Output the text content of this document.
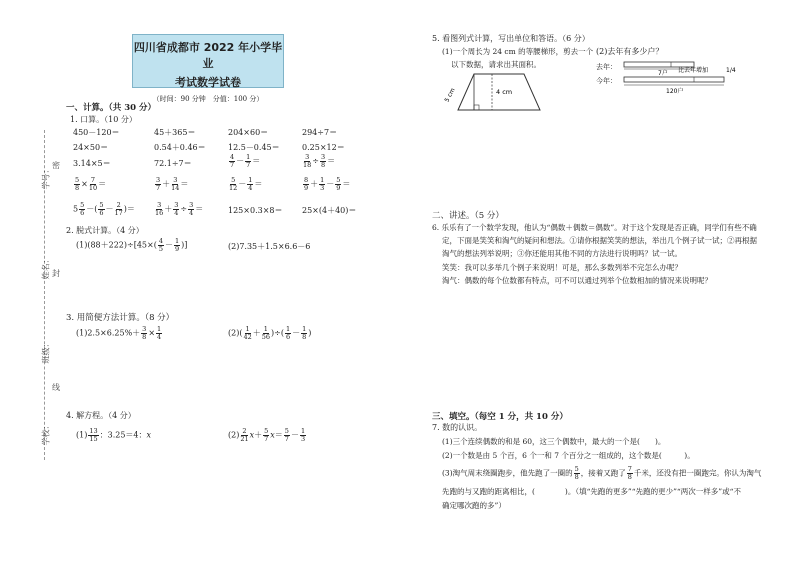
四川省成都市 2022 年小学毕业
考试数学试卷
（时间：90 分钟　分值：100 分）
学号：
姓名：
班级：
学校：
密
封
线
一、计算。（共 30 分）
1. 口算。（10 分）
450－120＝	45＋365＝	204×60＝	294÷7＝
24×50＝	0.54＋0.46＝	12.5－0.45＝	0.25×12＝
3.14×5＝	72.1÷7＝	$\frac{4}{7} - \frac{1}{7}$ ＝	$\frac{3}{18} \div \frac{3}{8}$ ＝
$\frac{5}{8} \times \frac{7}{10}$ ＝	$\frac{3}{7} + \frac{3}{14}$ ＝	$\frac{5}{12} - \frac{1}{4}$ ＝	$\frac{8}{9} + \frac{1}{3} - \frac{5}{9}$ ＝
$5 \frac{5}{6}$ －( $\frac{5}{6} - \frac{2}{17}$ )＝	$\frac{3}{16} + \frac{3}{4} \div \frac{3}{4}$ ＝	125×0.3×8＝ 25×(4＋40)＝
2. 脱式计算。（4 分）
$(1)(88+222)\div[45\times( \frac{4}{5} - \frac{1}{9}$ )]	(2)7.35＋1.5×6.6－6
3. 用简便方法计算。（8 分）
$(1)2.5\times 6.25\%+ \frac{3}{8} \times \frac{1}{4}$	$(2)( \frac{1}{42} + \frac{1}{56}$ )÷( $\frac{1}{6} - \frac{1}{8}$ )
4. 解方程。（4 分）
$(1) \frac{13}{15}$ ：3.25＝4：x	$(2) \frac{2}{21} x+ \frac{5}{7} x= \frac{5}{7} - \frac{1}{3}$
5. 看图列式计算，写出单位和答语。（6 分）
(1)一个周长为 24 cm 的等腰梯形，剪去一个
以下数据，请求出其面积。
5 cm	4 cm
(2)去年有多少户？
去年：
今年：
7户 比去年增加	1/4
120户
二、讲述。（5 分）
6. 乐乐有了一个数学发现，他认为“偶数＋偶数＝偶数”。对于这个发现是否正确，同学们有些不确
定，下面是笑笑和淘气的疑问和想法。①请你根据笑笑的想法，举出几个例子试一试；②再根据
淘气的想法列举说明；③你还能用其他不同的方法进行说明吗？试一试。
笑笑：我可以多举几个例子来说明！可是，那么多数列举不完怎么办呢？
淘气：偶数的每个位数都有特点，可不可以通过列举个位数相加的情况来说明呢？
三、填空。（每空 1 分，共 10 分）
7. 数的认识。
(1)三个连续偶数的和是 60，这三个偶数中，最大的一个是(　　)。
(2)一个数是由 5 个百，6 个一和 7 个百分之一组成的，这个数是(　　　)。
(3)淘气周末绕圈跑步，他先跑了一圈的 $\frac{5}{8}$ ，接着又跑了 $\frac{7}{8}$ 千米，还没有把一圈跑完。你认为淘气
先跑的与又跑的距离相比，(　　　　)。（填“先跑的更多”“先跑的更少”“两次一样多”或“不
确定哪次跑的多”）
